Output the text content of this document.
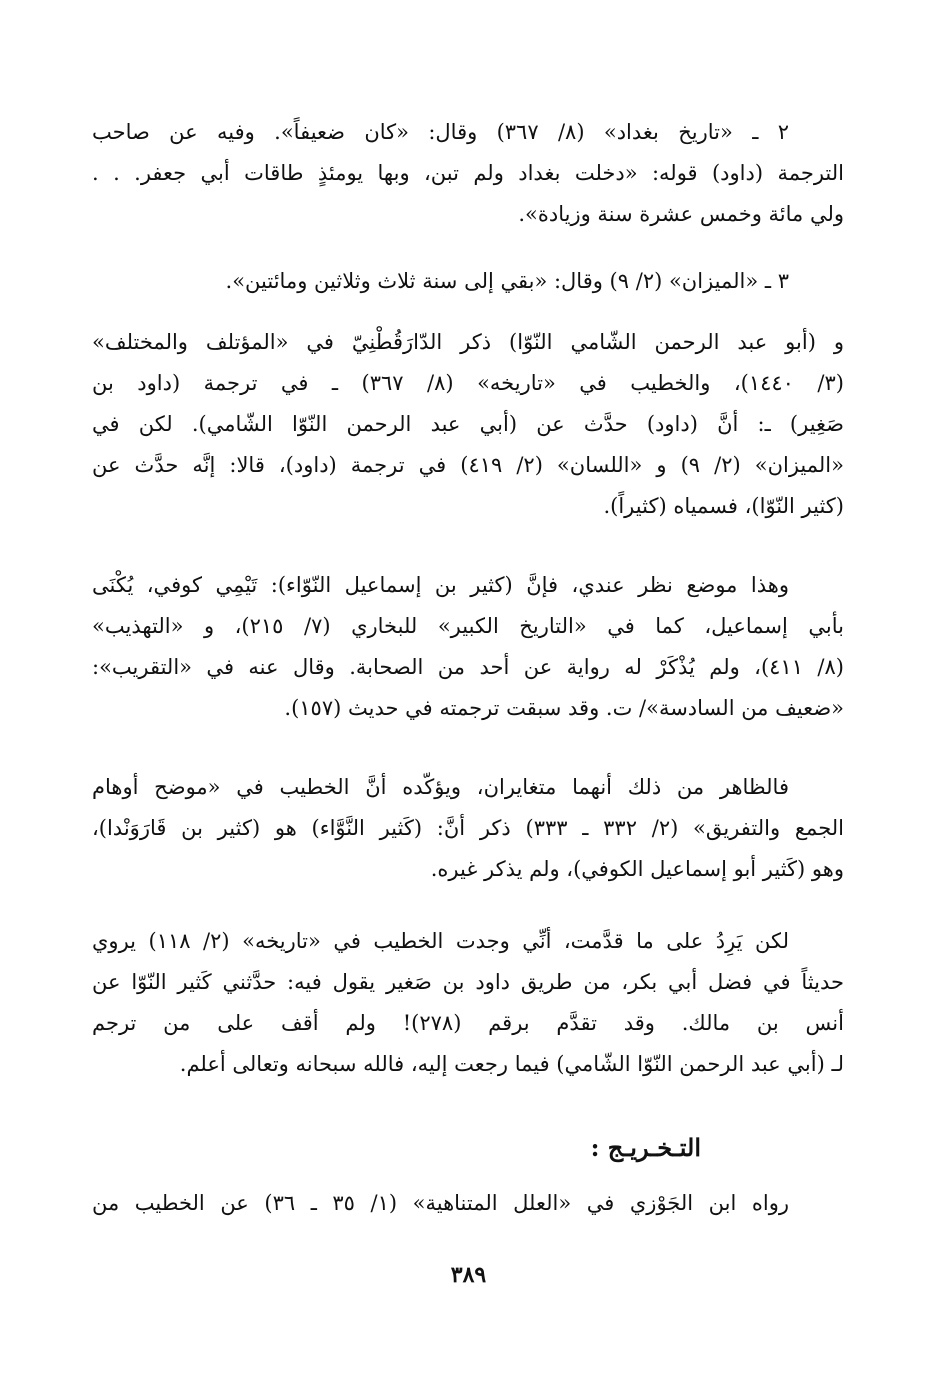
٢ ـ «تاريخ بغداد» (٨/ ٣٦٧) وقال: «كان ضعيفاً». وفيه عن صاحب
الترجمة (داود) قوله: «دخلت بغداد ولم تبن، وبها يومئذٍ طاقات أبي جعفر. . .
ولي مائة وخمس عشرة سنة وزيادة».
٣ ـ «الميزان» (٢/ ٩) وقال: «بقي إلى سنة ثلاث وثلاثين ومائتين».
و (أبو عبد الرحمن الشّامي النّوّا) ذكر الدّارَقُطْنِيّ في «المؤتلف والمختلف»
(٣/ ١٤٤٠)، والخطيب في «تاريخه» (٨/ ٣٦٧) ـ في ترجمة (داود بن
صَغِير) ـ: أنَّ (داود) حدَّث عن (أبي عبد الرحمن النّوّا الشّامي). لكن في
«الميزان» (٢/ ٩) و «اللسان» (٢/ ٤١٩) في ترجمة (داود)، قالا: إنَّه حدَّث عن
(كثير النّوّا)، فسمياه (كثيراً).
وهذا موضع نظر عندي، فإنَّ (كثير بن إسماعيل النّوّاء): تَيْمِي كوفي، يُكْنَى
بأبي إسماعيل، كما في «التاريخ الكبير» للبخاري (٧/ ٢١٥)، و «التهذيب»
(٨/ ٤١١)، ولم يُذْكَرْ له رواية عن أحد من الصحابة. وقال عنه في «التقريب»:
«ضعيف من السادسة»/ ت. وقد سبقت ترجمته في حديث (١٥٧).
فالظاهر من ذلك أنهما متغايران، ويؤكّده أنَّ الخطيب في «موضح أوهام
الجمع والتفريق» (٢/ ٣٣٢ ـ ٣٣٣) ذكر أنَّ: (كَثير النَّوَّاء) هو (كثير بن قَارَوَنْدا)،
وهو (كَثير أبو إسماعيل الكوفي)، ولم يذكر غيره.
لكن يَرِدُ على ما قدَّمت، أنِّي وجدت الخطيب في «تاريخه» (٢/ ١١٨) يروي
حديثاً في فضل أبي بكر، من طريق داود بن صَغير يقول فيه: حدَّثني كَثير النّوّا عن
أنس بن مالك. وقد تقدَّم برقم (٢٧٨)! ولم أقف على من ترجم
لـ (أبي عبد الرحمن النّوّا الشّامي) فيما رجعت إليه، فالله سبحانه وتعالى أعلم.
التـخـريـج :
رواه ابن الجَوْزي في «العلل المتناهية» (١/ ٣٥ ـ ٣٦) عن الخطيب من
٣٨٩
